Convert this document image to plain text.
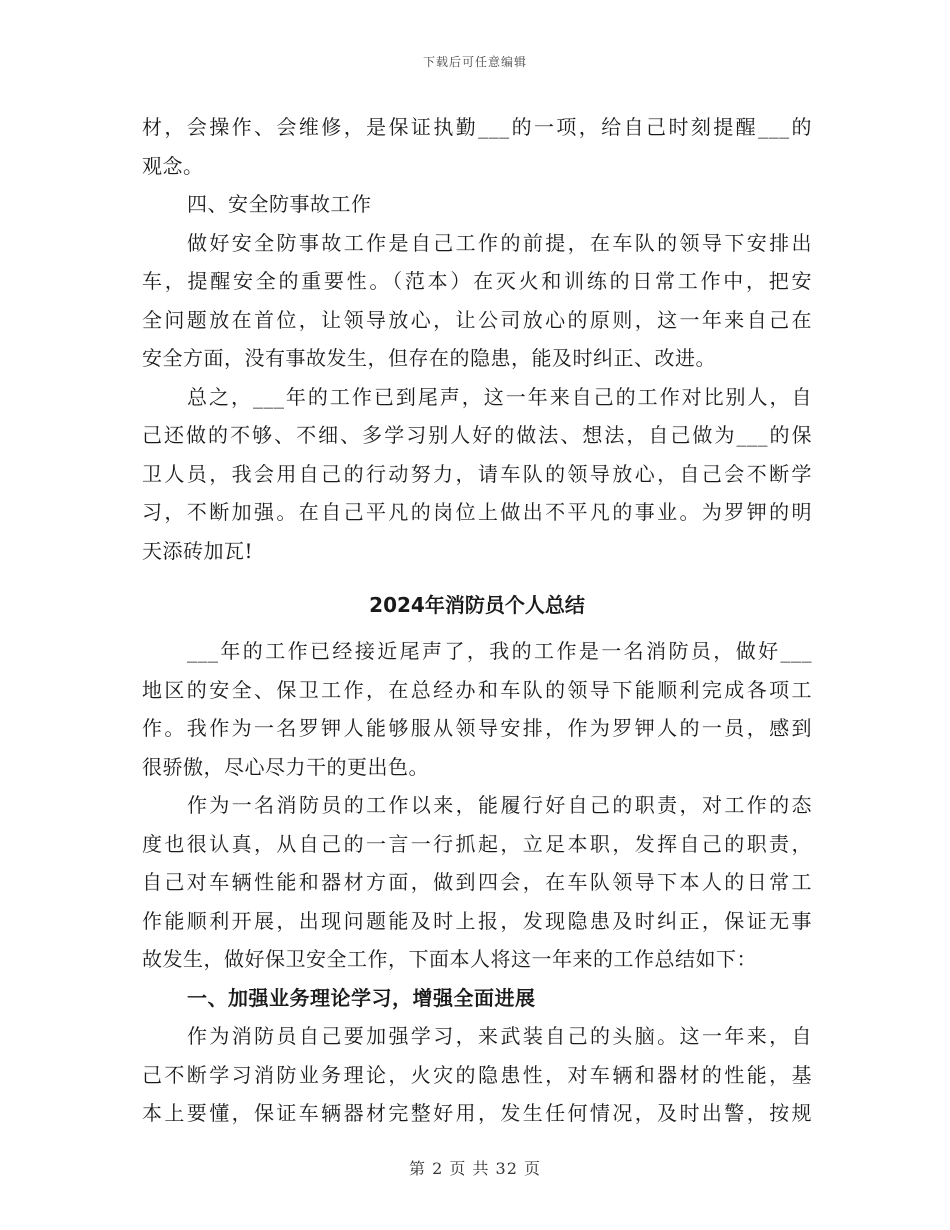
下载后可任意编辑
材，会操作、会维修，是保证执勤___的一项，给自己时刻提醒___的
观念。
四、安全防事故工作
做好安全防事故工作是自己工作的前提，在车队的领导下安排出
车，提醒安全的重要性。（范本）在灭火和训练的日常工作中，把安
全问题放在首位，让领导放心，让公司放心的原则，这一年来自己在
安全方面，没有事故发生，但存在的隐患，能及时纠正、改进。
总之，___年的工作已到尾声，这一年来自己的工作对比别人，自
己还做的不够、不细、多学习别人好的做法、想法，自己做为___的保
卫人员，我会用自己的行动努力，请车队的领导放心，自己会不断学
习，不断加强。在自己平凡的岗位上做出不平凡的事业。为罗钾的明
天添砖加瓦!
2024年消防员个人总结
___年的工作已经接近尾声了，我的工作是一名消防员，做好___
地区的安全、保卫工作，在总经办和车队的领导下能顺利完成各项工
作。我作为一名罗钾人能够服从领导安排，作为罗钾人的一员，感到
很骄傲，尽心尽力干的更出色。
作为一名消防员的工作以来，能履行好自己的职责，对工作的态
度也很认真，从自己的一言一行抓起，立足本职，发挥自己的职责，
自己对车辆性能和器材方面，做到四会，在车队领导下本人的日常工
作能顺利开展，出现问题能及时上报，发现隐患及时纠正，保证无事
故发生，做好保卫安全工作，下面本人将这一年来的工作总结如下：
一、加强业务理论学习，增强全面进展
作为消防员自己要加强学习，来武装自己的头脑。这一年来，自
己不断学习消防业务理论，火灾的隐患性，对车辆和器材的性能，基
本上要懂，保证车辆器材完整好用，发生任何情况，及时出警，按规
第 2 页 共 32 页
